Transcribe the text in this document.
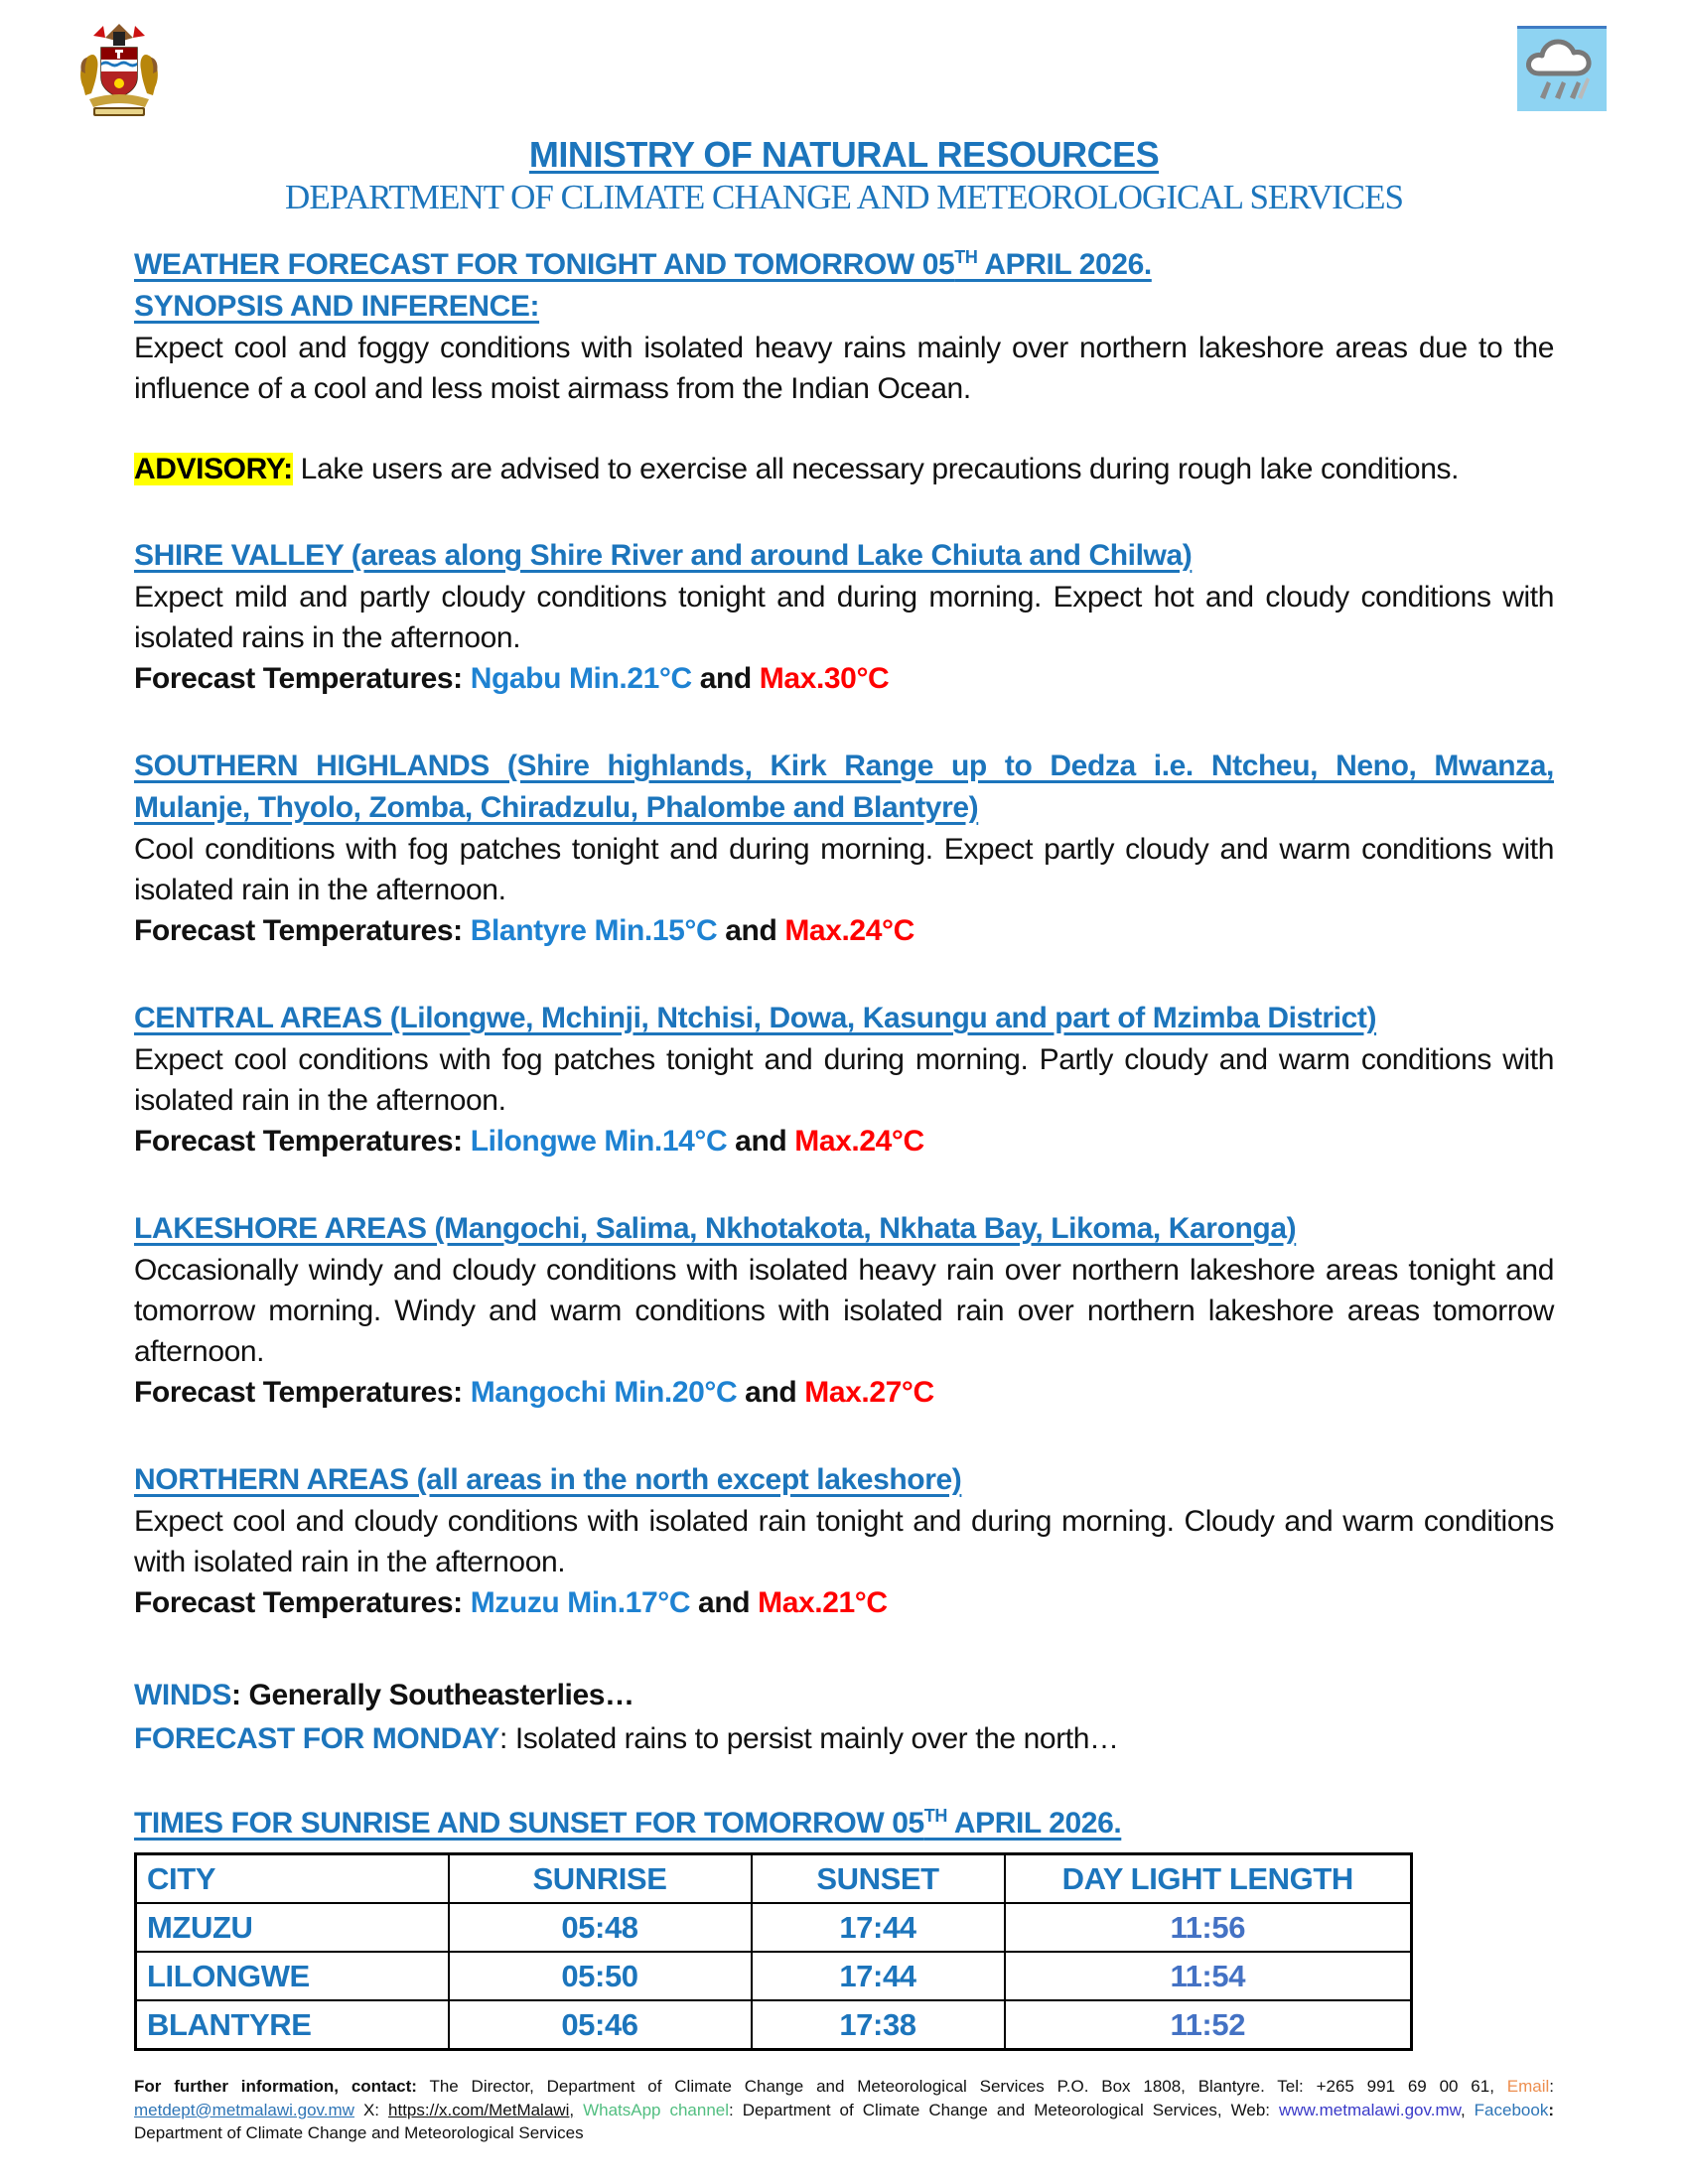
MINISTRY OF NATURAL RESOURCES
DEPARTMENT OF CLIMATE CHANGE AND METEOROLOGICAL SERVICES

WEATHER FORECAST FOR TONIGHT AND TOMORROW 05TH APRIL 2026.

SYNOPSIS AND INFERENCE:

Expect cool and foggy conditions with isolated heavy rains mainly over northern lakeshore areas due to the influence of a cool and less moist airmass from the Indian Ocean.

ADVISORY: Lake users are advised to exercise all necessary precautions during rough lake conditions.

SHIRE VALLEY (areas along Shire River and around Lake Chiuta and Chilwa)

Expect mild and partly cloudy conditions tonight and during morning. Expect hot and cloudy conditions with isolated rains in the afternoon.

Forecast Temperatures: Ngabu Min.21°C and Max.30°C

SOUTHERN HIGHLANDS (Shire highlands, Kirk Range up to Dedza i.e. Ntcheu, Neno, Mwanza, Mulanje, Thyolo, Zomba, Chiradzulu, Phalombe and Blantyre)

Cool conditions with fog patches tonight and during morning. Expect partly cloudy and warm conditions with isolated rain in the afternoon.

Forecast Temperatures: Blantyre Min.15°C and Max.24°C

CENTRAL AREAS (Lilongwe, Mchinji, Ntchisi, Dowa, Kasungu and part of Mzimba District)

Expect cool conditions with fog patches tonight and during morning. Partly cloudy and warm conditions with isolated rain in the afternoon.

Forecast Temperatures: Lilongwe Min.14°C and Max.24°C

LAKESHORE AREAS (Mangochi, Salima, Nkhotakota, Nkhata Bay, Likoma, Karonga)

Occasionally windy and cloudy conditions with isolated heavy rain over northern lakeshore areas tonight and tomorrow morning. Windy and warm conditions with isolated rain over northern lakeshore areas tomorrow afternoon.

Forecast Temperatures: Mangochi Min.20°C and Max.27°C

NORTHERN AREAS (all areas in the north except lakeshore)

Expect cool and cloudy conditions with isolated rain tonight and during morning. Cloudy and warm conditions with isolated rain in the afternoon.

Forecast Temperatures: Mzuzu Min.17°C and Max.21°C

WINDS: Generally Southeasterlies…

FORECAST FOR MONDAY: Isolated rains to persist mainly over the north…

TIMES FOR SUNRISE AND SUNSET FOR TOMORROW 05TH APRIL 2026.

CITY	SUNRISE	SUNSET	DAY LIGHT LENGTH
MZUZU	05:48	17:44	11:56
LILONGWE	05:50	17:44	11:54
BLANTYRE	05:46	17:38	11:52

For further information, contact: The Director, Department of Climate Change and Meteorological Services P.O. Box 1808, Blantyre. Tel: +265 991 69 00 61, Email: metdept@metmalawi.gov.mw X: https://x.com/MetMalawi, WhatsApp channel: Department of Climate Change and Meteorological Services, Web: www.metmalawi.gov.mw, Facebook: Department of Climate Change and Meteorological Services
